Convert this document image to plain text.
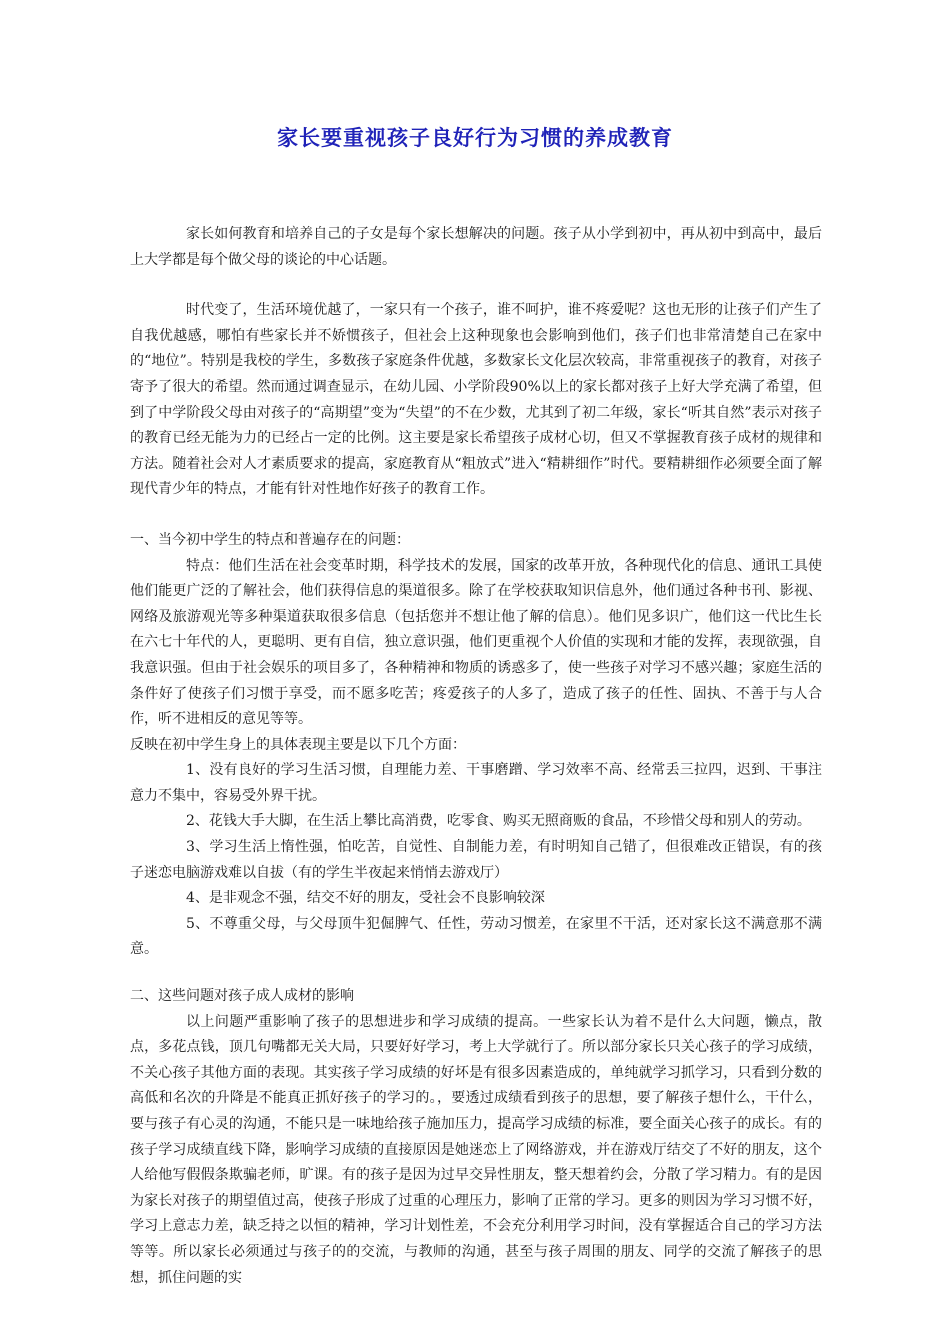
家长要重视孩子良好行为习惯的养成教育

家长如何教育和培养自己的子女是每个家长想解决的问题。孩子从小学到初中，再从初中到高中，最后上大学都是每个做父母的谈论的中心话题。

时代变了，生活环境优越了，一家只有一个孩子，谁不呵护，谁不疼爱呢？这也无形的让孩子们产生了自我优越感，哪怕有些家长并不娇惯孩子，但社会上这种现象也会影响到他们，孩子们也非常清楚自己在家中的“地位”。特别是我校的学生，多数孩子家庭条件优越，多数家长文化层次较高，非常重视孩子的教育，对孩子寄予了很大的希望。然而通过调查显示，在幼儿园、小学阶段90%以上的家长都对孩子上好大学充满了希望，但到了中学阶段父母由对孩子的“高期望”变为“失望”的不在少数，尤其到了初二年级，家长“听其自然”表示对孩子的教育已经无能为力的已经占一定的比例。这主要是家长希望孩子成材心切，但又不掌握教育孩子成材的规律和方法。随着社会对人才素质要求的提高，家庭教育从“粗放式”进入“精耕细作”时代。要精耕细作必须要全面了解现代青少年的特点，才能有针对性地作好孩子的教育工作。

一、当今初中学生的特点和普遍存在的问题：

特点：他们生活在社会变革时期，科学技术的发展，国家的改革开放，各种现代化的信息、通讯工具使他们能更广泛的了解社会，他们获得信息的渠道很多。除了在学校获取知识信息外，他们通过各种书刊、影视、网络及旅游观光等多种渠道获取很多信息（包括您并不想让他了解的信息）。他们见多识广，他们这一代比生长在六七十年代的人，更聪明、更有自信，独立意识强，他们更重视个人价值的实现和才能的发挥，表现欲强，自我意识强。但由于社会娱乐的项目多了，各种精神和物质的诱惑多了，使一些孩子对学习不感兴趣；家庭生活的条件好了使孩子们习惯于享受，而不愿多吃苦；疼爱孩子的人多了，造成了孩子的任性、固执、不善于与人合作，听不进相反的意见等等。

反映在初中学生身上的具体表现主要是以下几个方面：

1、没有良好的学习生活习惯，自理能力差、干事磨蹭、学习效率不高、经常丢三拉四，迟到、干事注意力不集中，容易受外界干扰。

2、花钱大手大脚，在生活上攀比高消费，吃零食、购买无照商贩的食品，不珍惜父母和别人的劳动。

3、学习生活上惰性强，怕吃苦，自觉性、自制能力差，有时明知自己错了，但很难改正错误，有的孩子迷恋电脑游戏难以自拔（有的学生半夜起来悄悄去游戏厅）

4、是非观念不强，结交不好的朋友，受社会不良影响较深

5、不尊重父母，与父母顶牛犯倔脾气、任性，劳动习惯差，在家里不干活，还对家长这不满意那不满意。

二、这些问题对孩子成人成材的影响

以上问题严重影响了孩子的思想进步和学习成绩的提高。一些家长认为着不是什么大问题，懒点，散点，多花点钱，顶几句嘴都无关大局，只要好好学习，考上大学就行了。所以部分家长只关心孩子的学习成绩，不关心孩子其他方面的表现。其实孩子学习成绩的好坏是有很多因素造成的，单纯就学习抓学习，只看到分数的高低和名次的升降是不能真正抓好孩子的学习的。，要透过成绩看到孩子的思想，要了解孩子想什么，干什么，要与孩子有心灵的沟通，不能只是一味地给孩子施加压力，提高学习成绩的标准，要全面关心孩子的成长。有的孩子学习成绩直线下降，影响学习成绩的直接原因是她迷恋上了网络游戏，并在游戏厅结交了不好的朋友，这个人给他写假假条欺骗老师，旷课。有的孩子是因为过早交异性朋友，整天想着约会，分散了学习精力。有的是因为家长对孩子的期望值过高，使孩子形成了过重的心理压力，影响了正常的学习。更多的则因为学习习惯不好，学习上意志力差，缺乏持之以恒的精神，学习计划性差，不会充分利用学习时间，没有掌握适合自己的学习方法等等。所以家长必须通过与孩子的的交流，与教师的沟通，甚至与孩子周围的朋友、同学的交流了解孩子的思想，抓住问题的实
